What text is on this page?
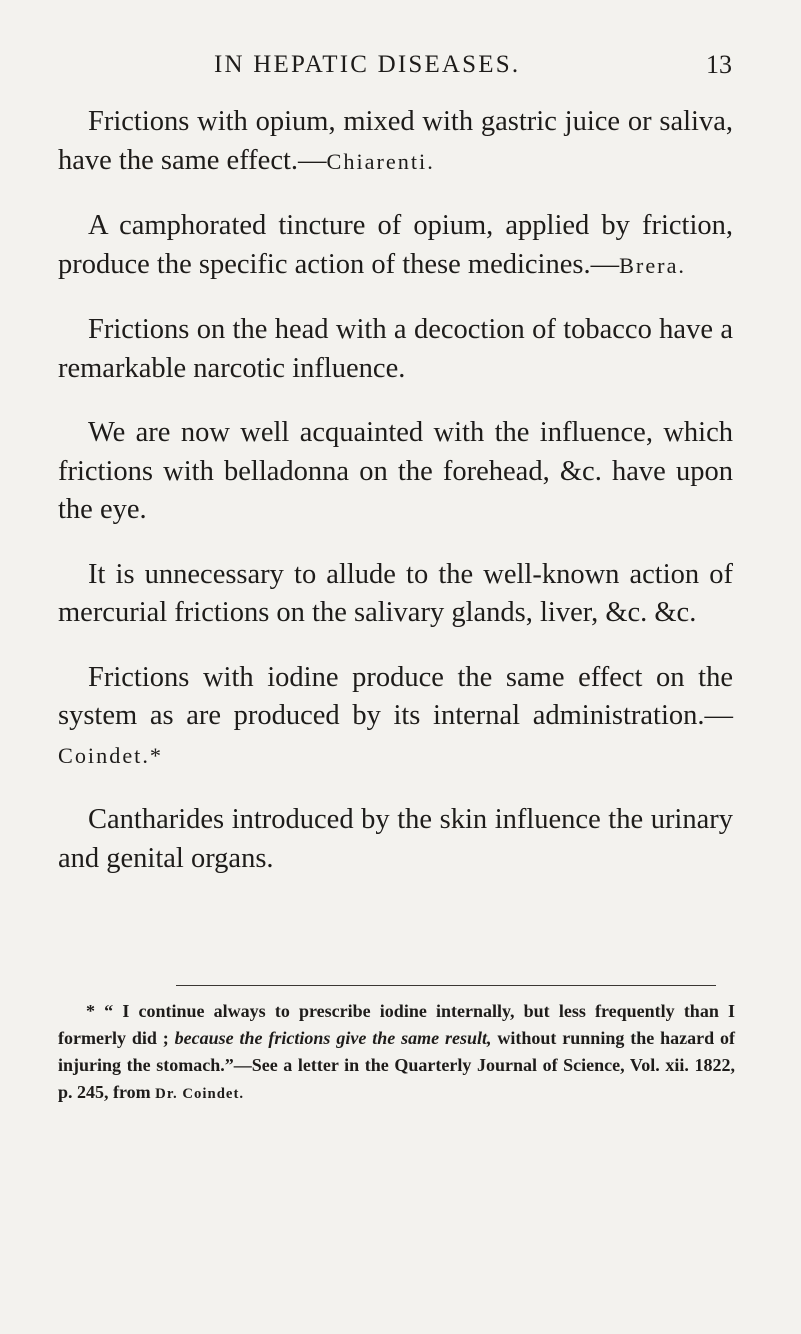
IN HEPATIC DISEASES.	13

Frictions with opium, mixed with gastric juice or saliva, have the same effect.—Chiarenti.

A camphorated tincture of opium, applied by friction, produce the specific action of these medicines.—Brera.

Frictions on the head with a decoction of tobacco have a remarkable narcotic influence.

We are now well acquainted with the influence, which frictions with belladonna on the forehead, &c. have upon the eye.

It is unnecessary to allude to the well-known action of mercurial frictions on the salivary glands, liver, &c. &c.

Frictions with iodine produce the same effect on the system as are produced by its internal administration.—Coindet.*

Cantharides introduced by the skin influence the urinary and genital organs.

* “ I continue always to prescribe iodine internally, but less frequently than I formerly did ; because the frictions give the same result, without running the hazard of injuring the stomach.”—See a letter in the Quarterly Journal of Science, Vol. xii. 1822, p. 245, from Dr. Coindet.
